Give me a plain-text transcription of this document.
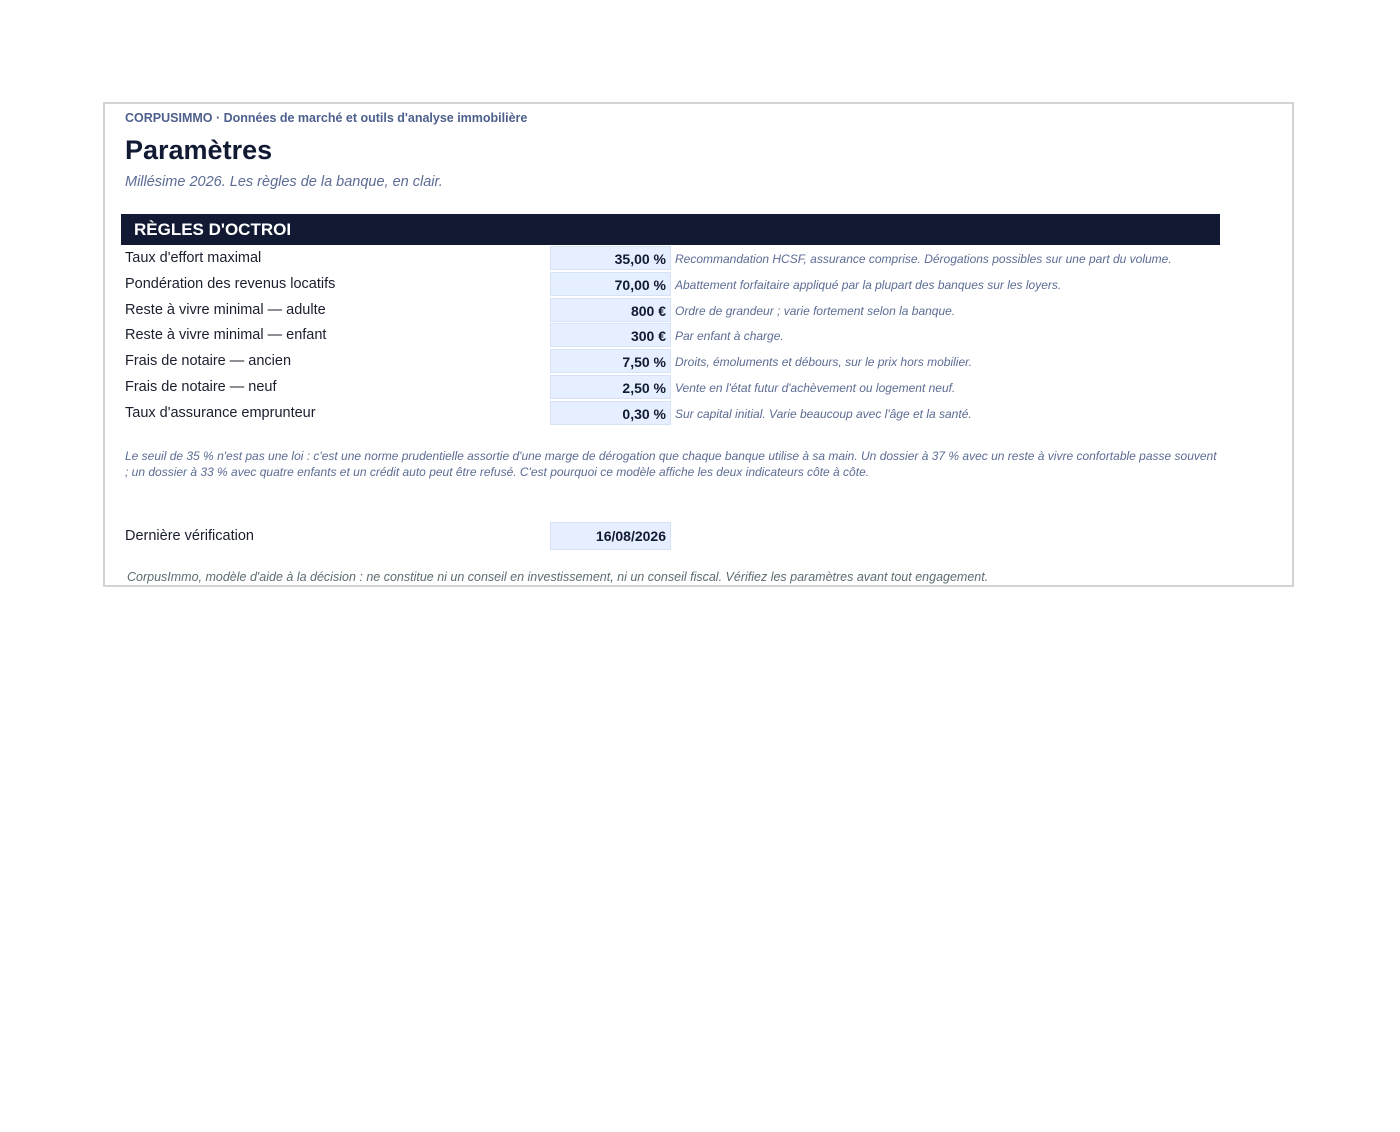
CORPUSIMMO · Données de marché et outils d'analyse immobilière
Paramètres
Millésime 2026. Les règles de la banque, en clair.
RÈGLES D'OCTROI
Taux d'effort maximal	35,00 % Recommandation HCSF, assurance comprise. Dérogations possibles sur une part du volume.
Pondération des revenus locatifs	70,00 % Abattement forfaitaire appliqué par la plupart des banques sur les loyers.
Reste à vivre minimal — adulte	800 € Ordre de grandeur ; varie fortement selon la banque.
Reste à vivre minimal — enfant	300 € Par enfant à charge.
Frais de notaire — ancien	7,50 % Droits, émoluments et débours, sur le prix hors mobilier.
Frais de notaire — neuf	2,50 % Vente en l'état futur d'achèvement ou logement neuf.
Taux d'assurance emprunteur	0,30 % Sur capital initial. Varie beaucoup avec l'âge et la santé.
Le seuil de 35 % n'est pas une loi : c'est une norme prudentielle assortie d'une marge de dérogation que chaque banque utilise à sa main. Un dossier à 37 % avec un reste à vivre confortable passe souvent ; un dossier à 33 % avec quatre enfants et un crédit auto peut être refusé. C'est pourquoi ce modèle affiche les deux indicateurs côte à côte.
Dernière vérification	16/08/2026
CorpusImmo, modèle d'aide à la décision : ne constitue ni un conseil en investissement, ni un conseil fiscal. Vérifiez les paramètres avant tout engagement.
